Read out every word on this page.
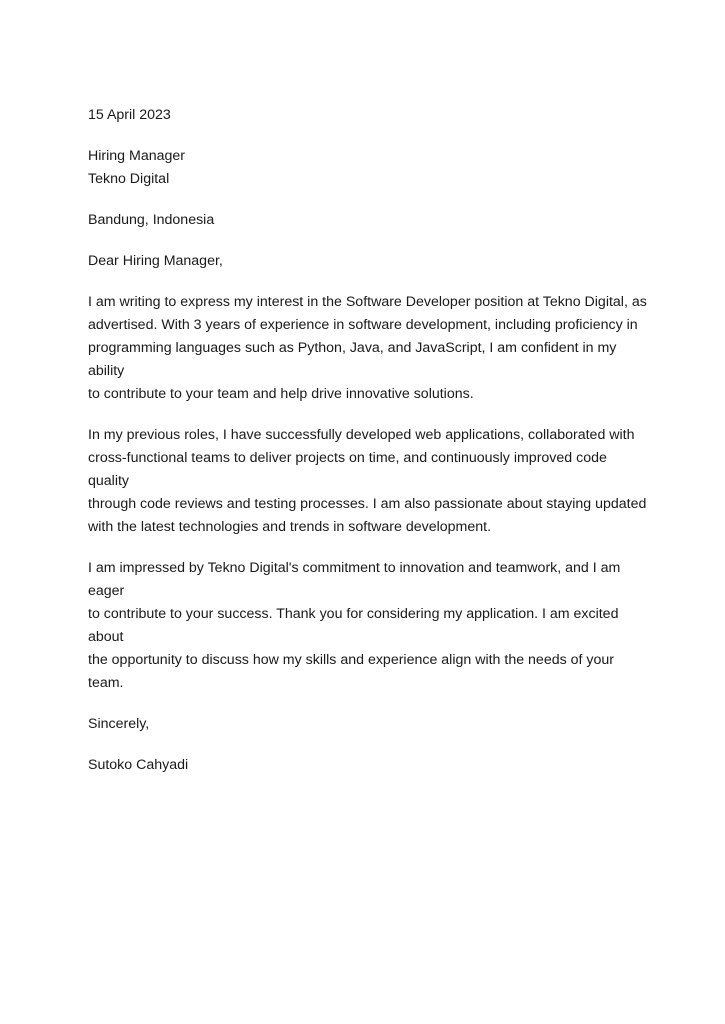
15 April 2023

Hiring Manager

Tekno Digital

Bandung, Indonesia

Dear Hiring Manager,

I am writing to express my interest in the Software Developer position at Tekno Digital, as
advertised. With 3 years of experience in software development, including proficiency in
programming languages such as Python, Java, and JavaScript, I am confident in my ability
to contribute to your team and help drive innovative solutions.
In my previous roles, I have successfully developed web applications, collaborated with
cross-functional teams to deliver projects on time, and continuously improved code quality
through code reviews and testing processes. I am also passionate about staying updated
with the latest technologies and trends in software development.
I am impressed by Tekno Digital's commitment to innovation and teamwork, and I am eager
to contribute to your success. Thank you for considering my application. I am excited about
the opportunity to discuss how my skills and experience align with the needs of your team.

Sincerely,

Sutoko Cahyadi
